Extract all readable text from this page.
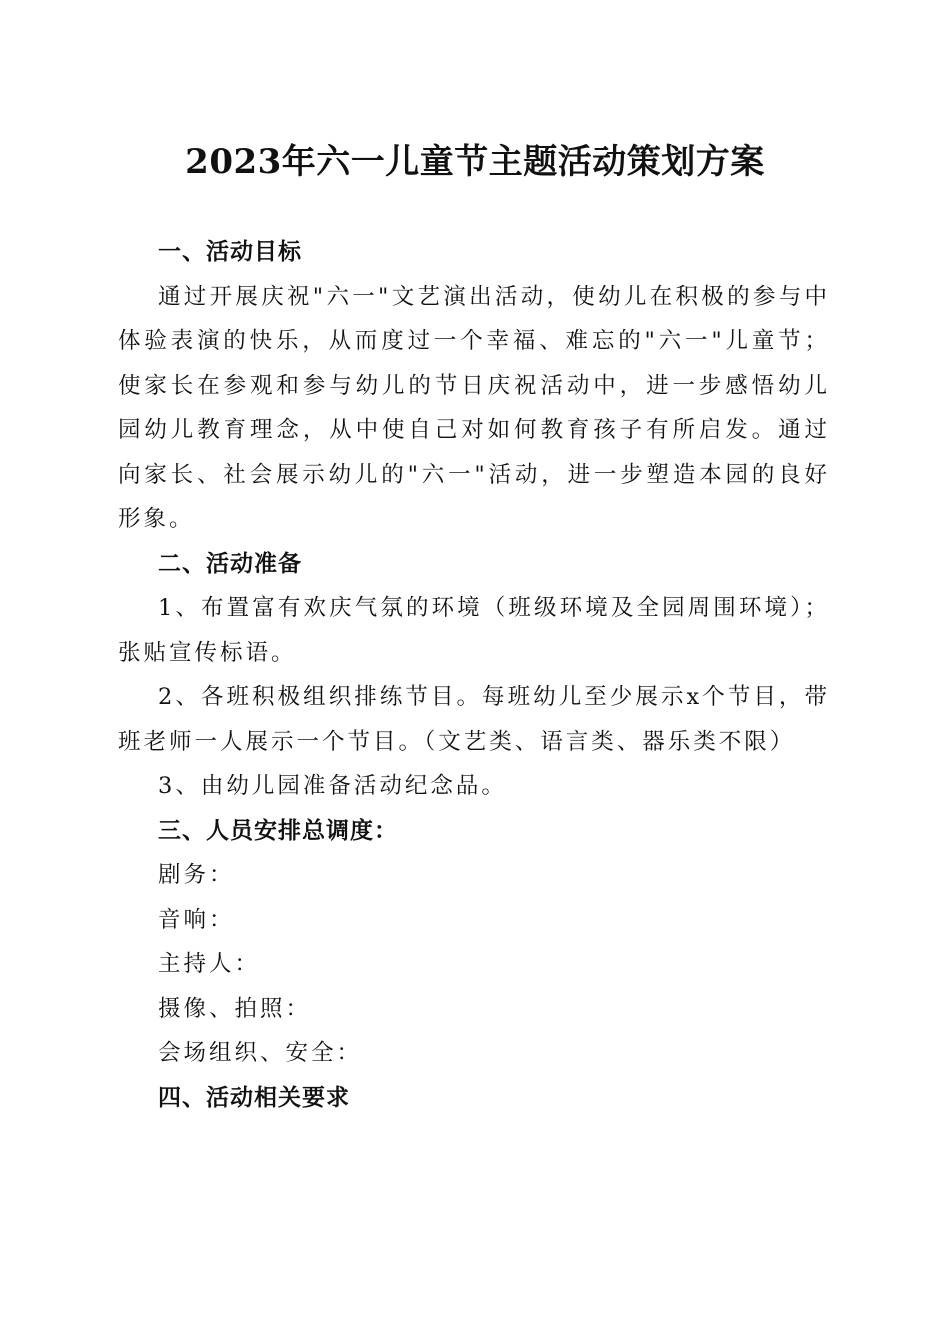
2023年六一儿童节主题活动策划方案
一、活动目标

通过开展庆祝"六一"文艺演出活动，使幼儿在积极的参与中体验表演的快乐，从而度过一个幸福、难忘的"六一"儿童节；使家长在参观和参与幼儿的节日庆祝活动中，进一步感悟幼儿园幼儿教育理念，从中使自己对如何教育孩子有所启发。通过向家长、社会展示幼儿的"六一"活动，进一步塑造本园的良好形象。

二、活动准备

1、布置富有欢庆气氛的环境（班级环境及全园周围环境）；张贴宣传标语。

2、各班积极组织排练节目。每班幼儿至少展示x个节目，带班老师一人展示一个节目。（文艺类、语言类、器乐类不限）

3、由幼儿园准备活动纪念品。

三、人员安排总调度：

剧务：

音响：

主持人：

摄像、拍照：

会场组织、安全：

四、活动相关要求
